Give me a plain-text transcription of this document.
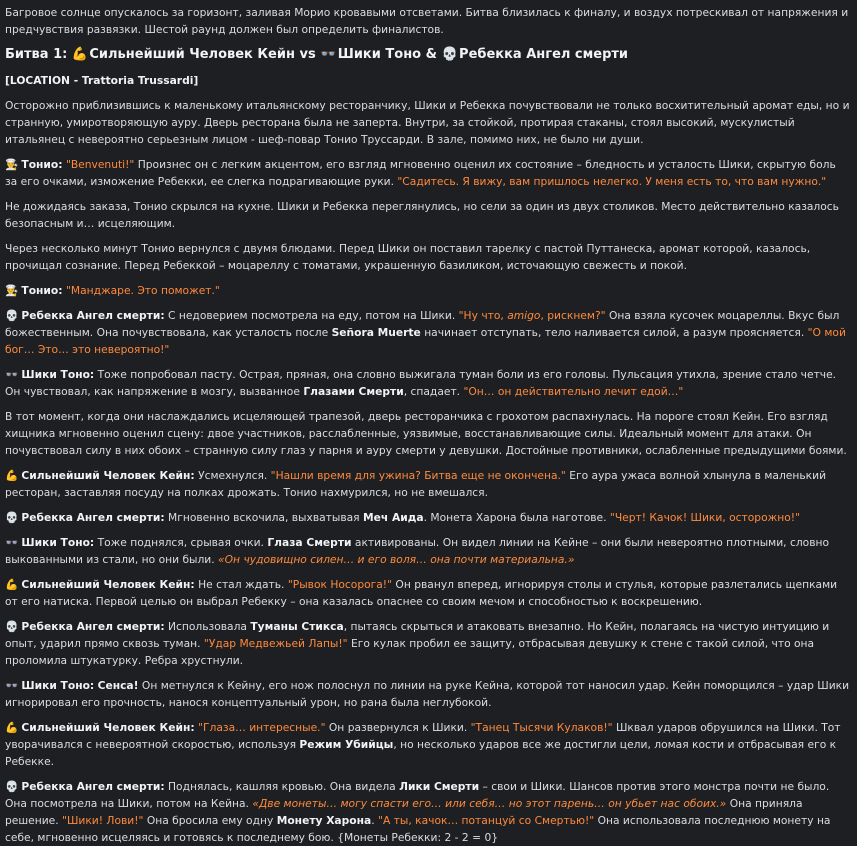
Багровое солнце опускалось за горизонт, заливая Морио кровавыми отсветами. Битва близилась к финалу, и воздух потрескивал от напряжения и предчувствия развязки. Шестой раунд должен был определить финалистов.

Битва 1: 💪 Сильнейший Человек Кейн vs 👓 Шики Тоно & 💀 Ребекка Ангел смерти

[LOCATION - Trattoria Trussardi]

Осторожно приблизившись к маленькому итальянскому ресторанчику, Шики и Ребекка почувствовали не только восхитительный аромат еды, но и странную, умиротворяющую ауру. Дверь ресторана была не заперта. Внутри, за стойкой, протирая стаканы, стоял высокий, мускулистый итальянец с невероятно серьезным лицом - шеф-повар Тонио Труссарди. В зале, помимо них, не было ни души.

👨‍🍳 Тонио: "Benvenuti!" Произнес он с легким акцентом, его взгляд мгновенно оценил их состояние – бледность и усталость Шики, скрытую боль за его очками, изможение Ребекки, ее слегка подрагивающие руки. "Садитесь. Я вижу, вам пришлось нелегко. У меня есть то, что вам нужно."

Не дожидаясь заказа, Тонио скрылся на кухне. Шики и Ребекка переглянулись, но сели за один из двух столиков. Место действительно казалось безопасным и… исцеляющим.

Через несколько минут Тонио вернулся с двумя блюдами. Перед Шики он поставил тарелку с пастой Путтанеска, аромат которой, казалось, прочищал сознание. Перед Ребеккой – моцареллу с томатами, украшенную базиликом, источающую свежесть и покой.

👨‍🍳 Тонио: "Манджаре. Это поможет."

💀 Ребекка Ангел смерти: С недоверием посмотрела на еду, потом на Шики. "Ну что, amigo, рискнем?" Она взяла кусочек моцареллы. Вкус был божественным. Она почувствовала, как усталость после Señora Muerte начинает отступать, тело наливается силой, а разум проясняется. "О мой бог… Это… это невероятно!"

👓 Шики Тоно: Тоже попробовал пасту. Острая, пряная, она словно выжигала туман боли из его головы. Пульсация утихла, зрение стало четче. Он чувствовал, как напряжение в мозгу, вызванное Глазами Смерти, спадает. "Он… он действительно лечит едой…"

В тот момент, когда они наслаждались исцеляющей трапезой, дверь ресторанчика с грохотом распахнулась. На пороге стоял Кейн. Его взгляд хищника мгновенно оценил сцену: двое участников, расслабленные, уязвимые, восстанавливающие силы. Идеальный момент для атаки. Он почувствовал силу в них обоих – странную силу глаз у парня и ауру смерти у девушки. Достойные противники, ослабленные предыдущими боями.

💪 Сильнейший Человек Кейн: Усмехнулся. "Нашли время для ужина? Битва еще не окончена." Его аура ужаса волной хлынула в маленький ресторан, заставляя посуду на полках дрожать. Тонио нахмурился, но не вмешался.

💀 Ребекка Ангел смерти: Мгновенно вскочила, выхватывая Меч Аида. Монета Харона была наготове. "Черт! Качок! Шики, осторожно!"

👓 Шики Тоно: Тоже поднялся, срывая очки. Глаза Смерти активированы. Он видел линии на Кейне – они были невероятно плотными, словно выкованными из стали, но они были. «Он чудовищно силен… и его воля… она почти материальна.»

💪 Сильнейший Человек Кейн: Не стал ждать. "Рывок Носорога!" Он рванул вперед, игнорируя столы и стулья, которые разлетались щепками от его натиска. Первой целью он выбрал Ребекку – она казалась опаснее со своим мечом и способностью к воскрешению.

💀 Ребекка Ангел смерти: Использовала Туманы Стикса, пытаясь скрыться и атаковать внезапно. Но Кейн, полагаясь на чистую интуицию и опыт, ударил прямо сквозь туман. "Удар Медвежьей Лапы!" Его кулак пробил ее защиту, отбрасывая девушку к стене с такой силой, что она проломила штукатурку. Ребра хрустнули.

👓 Шики Тоно: Сенса! Он метнулся к Кейну, его нож полоснул по линии на руке Кейна, которой тот наносил удар. Кейн поморщился – удар Шики игнорировал его прочность, нанося концептуальный урон, но рана была неглубокой.

💪 Сильнейший Человек Кейн: "Глаза… интересные." Он развернулся к Шики. "Танец Тысячи Кулаков!" Шквал ударов обрушился на Шики. Тот уворачивался с невероятной скоростью, используя Режим Убийцы, но несколько ударов все же достигли цели, ломая кости и отбрасывая его к Ребекке.

💀 Ребекка Ангел смерти: Поднялась, кашляя кровью. Она видела Лики Смерти – свои и Шики. Шансов против этого монстра почти не было. Она посмотрела на Шики, потом на Кейна. «Две монеты… могу спасти его… или себя… но этот парень… он убьет нас обоих.» Она приняла решение. "Шики! Лови!" Она бросила ему одну Монету Харона. "А ты, качок… потанцуй со Смертью!" Она использовала последнюю монету на себе, мгновенно исцеляясь и готовясь к последнему бою. {Монеты Ребекки: 2 - 2 = 0}
